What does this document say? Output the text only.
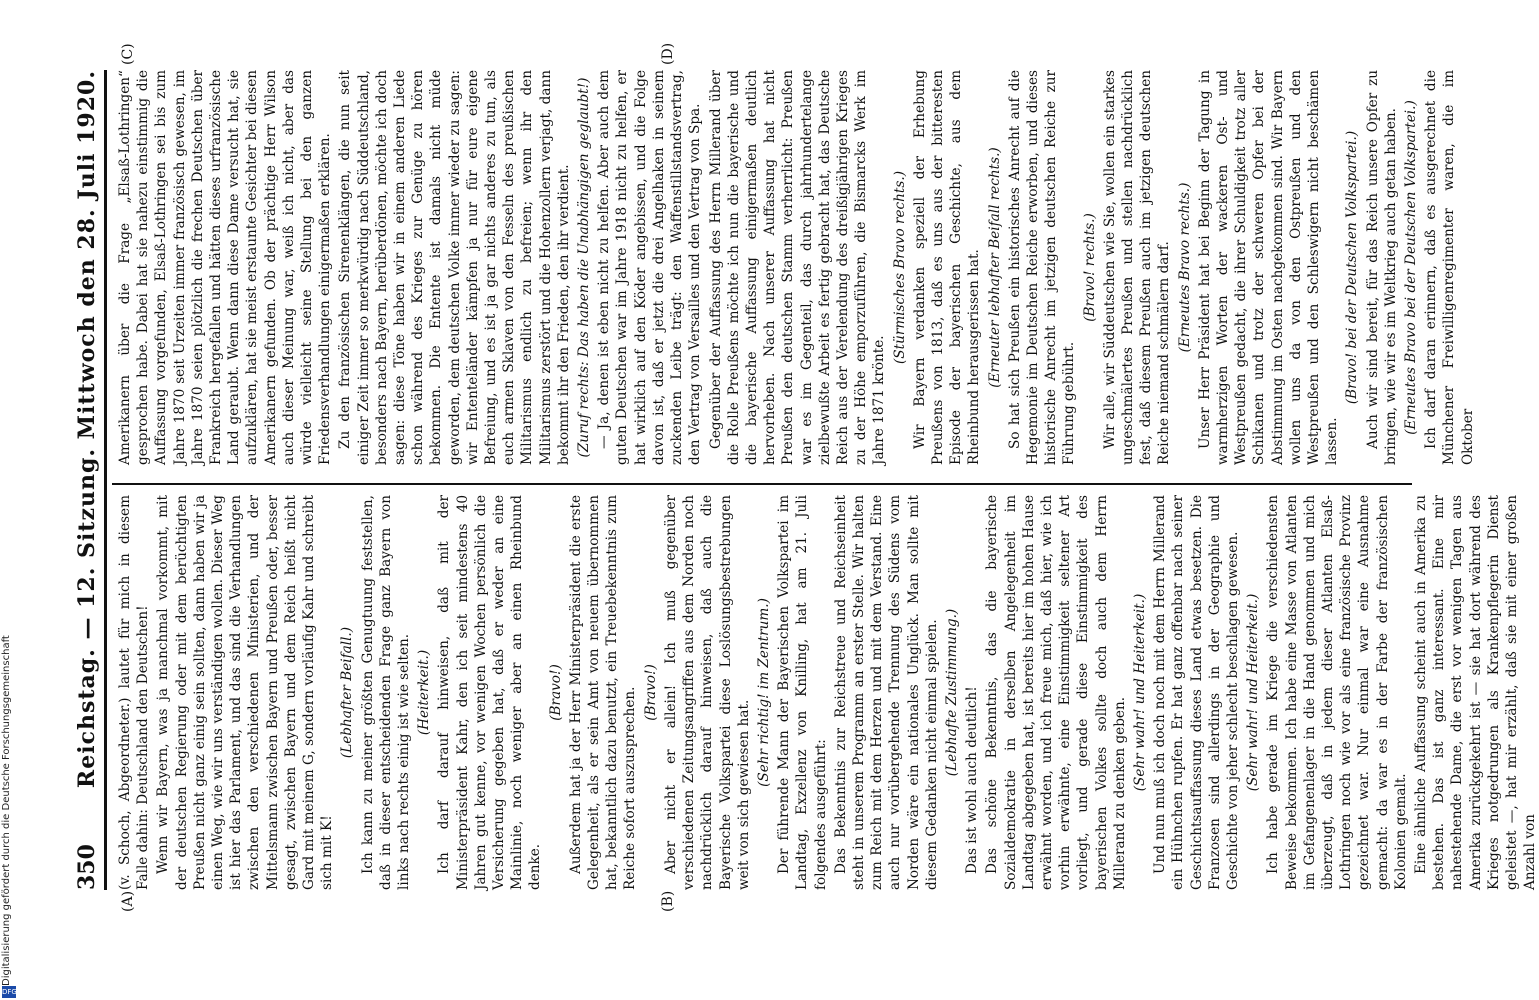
350
Reichstag. — 12. Sitzung. Mittwoch den 28. Juli 1920.
(A)	(B)
(C)	(D)

(v. Schoch, Abgeordneter.) lautet für mich in diesem Falle dahin: Deutschland den Deutschen! Wenn wir Bayern, was ja manchmal vorkommt, mit der deutschen Regierung oder mit dem berüchtigten Preußen nicht ganz einig sein sollten, dann haben wir ja einen Weg, wie wir uns verständigen wollen. Dieser Weg ist hier das Parlament, und das sind die Verhandlungen zwischen den verschiedenen Ministerien, und der Mittelsmann zwischen Bayern und Preußen oder, besser gesagt, zwischen Bayern und dem Reich heißt nicht Gard mit meinem G, sondern vorläufig Kahr und schreibt sich mit K!

(Lebhafter Beifall.) Ich kann zu meiner größten Genugtuung feststellen, daß in dieser entscheidenden Frage ganz Bayern von links nach rechts einig ist wie selten. (Heiterkeit.) Ich darf darauf hinweisen, daß mit der Ministerpräsident Kahr, den ich seit mindestens 40 Jahren gut kenne, vor wenigen Wochen persönlich die Versicherung gegeben hat, daß er weder an eine Mainlinie, noch weniger aber an einen Rheinbund denke.

(Bravo!) Außerdem hat ja der Herr Ministerpräsident die erste Gelegenheit, als er sein Amt von neuem übernommen hat, bekanntlich dazu benutzt, ein Treuebekenntnis zum Reiche sofort auszusprechen. (Bravo!) Aber nicht er allein! Ich muß gegenüber verschiedenen Zeitungsangriffen aus dem Norden noch nachdrücklich darauf hinweisen, daß auch die Bayerische Volkspartei diese Loslösungsbestrebungen weit von sich gewiesen hat.

(Sehr richtig! im Zentrum.) Der führende Mann der Bayerischen Volkspartei im Landtag, Exzellenz von Knilling, hat am 21. Juli folgendes ausgeführt: Das Bekenntnis zur Reichstreue und Reichseinheit steht in unserem Programm an erster Stelle. Wir halten zum Reich mit dem Herzen und mit dem Verstand. Eine auch nur vorübergehende Trennung des Südens vom Norden wäre ein nationales Unglück. Man sollte mit diesem Gedanken nicht einmal spielen. (Lebhafte Zustimmung.) Das ist wohl auch deutlich! Das schöne Bekenntnis, das die bayerische Sozialdemokratie in derselben Angelegenheit im Landtag abgegeben hat, ist bereits hier im hohen Hause erwähnt worden, und ich freue mich, daß hier, wie ich vorhin erwähnte, eine Einstimmigkeit seltener Art vorliegt, und gerade diese Einstimmigkeit des bayerischen Volkes sollte doch auch dem Herrn Millerand zu denken geben.

(Sehr wahr! und Heiterkeit.) Und nun muß ich doch noch mit dem Herrn Millerand ein Hühnchen rupfen. Er hat ganz offenbar nach seiner Geschichtsauffassung dieses Land etwas besetzen. Die Franzosen sind allerdings in der Geographie und Geschichte von jeher schlecht beschlagen gewesen. (Sehr wahr! und Heiterkeit.) Ich habe gerade im Kriege die verschiedensten Beweise bekommen. Ich habe eine Masse von Atlanten im Gefangenenlager in die Hand genommen und mich überzeugt, daß in jedem dieser Atlanten Elsaß-Lothringen noch wie vor als eine französische Provinz gezeichnet war. Nur einmal war eine Ausnahme gemacht: da war es in der Farbe der französischen Kolonien gemalt. Eine ähnliche Auffassung scheint auch in Amerika zu bestehen. Das ist ganz interessant. Eine mir nahestehende Dame, die erst vor wenigen Tagen aus Amerika zurückgekehrt ist — sie hat dort während des Krieges notgedrungen als Krankenpflegerin Dienst geleistet —, hat mir erzählt, daß sie mit einer großen Anzahl von

Amerikanern über die Frage „Elsaß-Lothringen“ gesprochen habe. Dabei hat sie nahezu einstimmig die Auffassung vorgefunden, Elsaß-Lothringen sei bis zum Jahre 1870 seit Urzeiten immer französisch gewesen, im Jahre 1870 seien plötzlich die frechen Deutschen über Frankreich hergefallen und hätten dieses urfranzösische Land geraubt. Wenn dann diese Dame versucht hat, sie aufzuklären, hat sie meist erstaunte Gesichter bei diesen Amerikanern gefunden. Ob der prächtige Herr Wilson auch dieser Meinung war, weiß ich nicht, aber das würde vielleicht seine Stellung bei den ganzen Friedensverhandlungen einigermaßen erklären. Zu den französischen Sirenenklängen, die nun seit einiger Zeit immer so merkwürdig nach Süddeutschland, besonders nach Bayern, herüberdönen, möchte ich doch sagen: diese Töne haben wir in einem anderen Liede schon während des Krieges zur Genüge zu hören bekommen. Die Entente ist damals nicht müde geworden, dem deutschen Volke immer wieder zu sagen: wir Ententeländer kämpfen ja nur für eure eigene Befreiung, und es ist ja gar nichts anderes zu tun, als euch armen Sklaven von den Fesseln des preußischen Militarismus endlich zu befreien; wenn ihr den Militarismus zerstört und die Hohenzollern verjagt, dann bekommt ihr den Frieden, den ihr verdient. (Zuruf rechts: Das haben die Unabhängigen geglaubt!) — Ja, denen ist eben nicht zu helfen. Aber auch dem guten Deutschen war im Jahre 1918 nicht zu helfen, er hat wirklich auf den Köder angebissen, und die Folge davon ist, daß er jetzt die drei Angelhaken in seinem zuckenden Leibe trägt: den Waffenstillstandsvertrag, den Vertrag von Versailles und den Vertrag von Spa. Gegenüber der Auffassung des Herrn Millerand über die Rolle Preußens möchte ich nun die bayerische und die bayerische Auffassung einigermaßen deutlich hervorheben. Nach unserer Auffassung hat nicht Preußen den deutschen Stamm verherrlicht: Preußen war es im Gegenteil, das durch jahrhundertelange zielbewußte Arbeit es fertig gebracht hat, das Deutsche Reich aus der Verelendung des dreißigjährigen Krieges zu der Höhe emporzuführen, die Bismarcks Werk im Jahre 1871 krönte.

(Stürmisches Bravo rechts.) Wir Bayern verdanken speziell der Erhebung Preußens von 1813, daß es uns aus der bitteresten Episode der bayerischen Geschichte, aus dem Rheinbund herausgerissen hat. (Erneuter lebhafter Beifall rechts.) So hat sich Preußen ein historisches Anrecht auf die Hegemonie im Deutschen Reiche erworben, und dieses historische Anrecht im jetzigen deutschen Reiche zur Führung gebührt.

(Bravo! rechts.) Wir alle, wir Süddeutschen wie Sie, wollen ein starkes ungeschmälertes Preußen und stellen nachdrücklich fest, daß diesem Preußen auch im jetzigen deutschen Reiche niemand schmälern darf. (Erneutes Bravo rechts.) Unser Herr Präsident hat bei Beginn der Tagung in warmherzigen Worten der wackeren Ost- und Westpreußen gedacht, die ihrer Schuldigkeit trotz aller Schikanen und trotz der schweren Opfer bei der Abstimmung im Osten nachgekommen sind. Wir Bayern wollen uns da von den Ostpreußen und den Westpreußen und den Schleswigern nicht beschämen lassen.

(Bravo! bei der Deutschen Volkspartei.) Auch wir sind bereit, für das Reich unsere Opfer zu bringen, wie wir es im Weltkrieg auch getan haben. (Erneutes Bravo bei der Deutschen Volkspartei.) Ich darf daran erinnern, daß es ausgerechnet die Münchener Freiwilligenregimenter waren, die im Oktober

DFG
Digitalisierung gefördert durch die Deutsche Forschungsgemeinschaft
